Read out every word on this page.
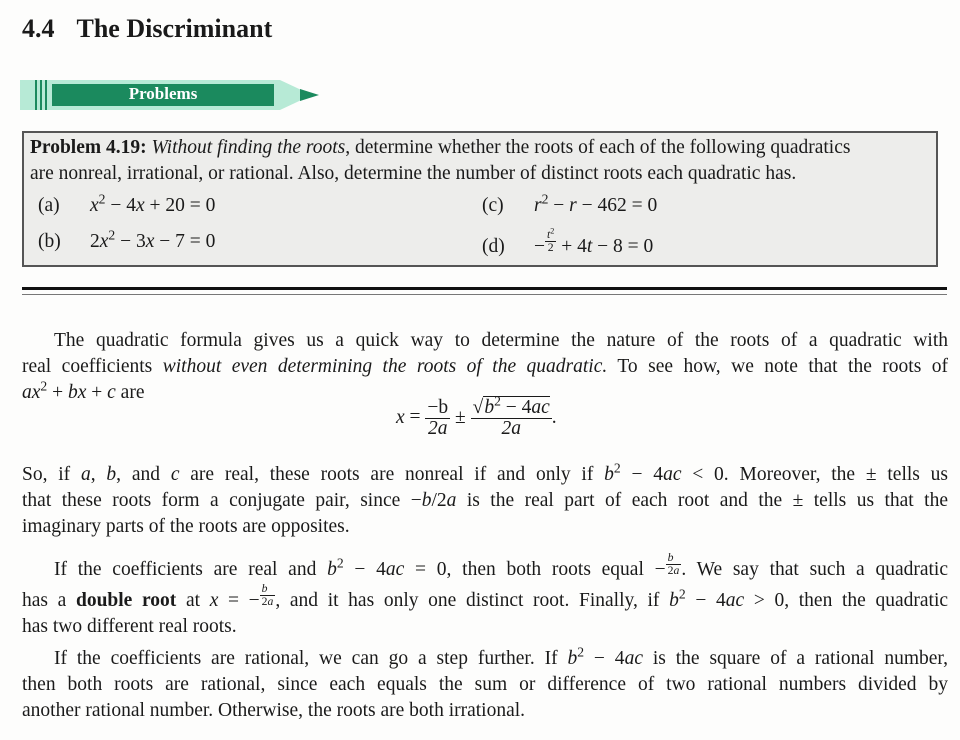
4.4 The Discriminant
Problems
Problem 4.19: Without finding the roots, determine whether the roots of each of the following quadratics
are nonreal, irrational, or rational. Also, determine the number of distinct roots each quadratic has.
(a) $x^2 - 4x + 20 = 0$
(b) $2x^2 - 3x - 7 = 0$
(c) $r^2 - r - 462 = 0$
$(d) - \frac{t^2}{2} + 4t - 8 = 0$
The quadratic formula gives us a quick way to determine the nature of the roots of a quadratic with
real coefficients without even determining the roots of the quadratic. To see how, we note that the roots of
$ax^2$ + bx + c are
$x = \frac{-b}{2a} \pm \frac{√b^2 - 4ac}{2a}$ .
So, if a, b, and c are real, these roots are nonreal if and only if $b^2 - 4ac < 0$. Moreover, the ± tells us
that these roots form a conjugate pair, since −b/2a is the real part of each root and the ± tells us that the
imaginary parts of the roots are opposites.
If the coefficients are real and $b^2 - 4ac = 0$, then both roots equal − $\frac{b}{2a}$ . We say that such a quadratic
has a double root at x = − $\frac{b}{2a}$ , and it has only one distinct root. Finally, if $b^2 - 4ac > 0$, then the quadratic
has two different real roots.
If the coefficients are rational, we can go a step further. If $b^2 - 4ac$ is the square of a rational number,
then both roots are rational, since each equals the sum or difference of two rational numbers divided by
another rational number. Otherwise, the roots are both irrational.
